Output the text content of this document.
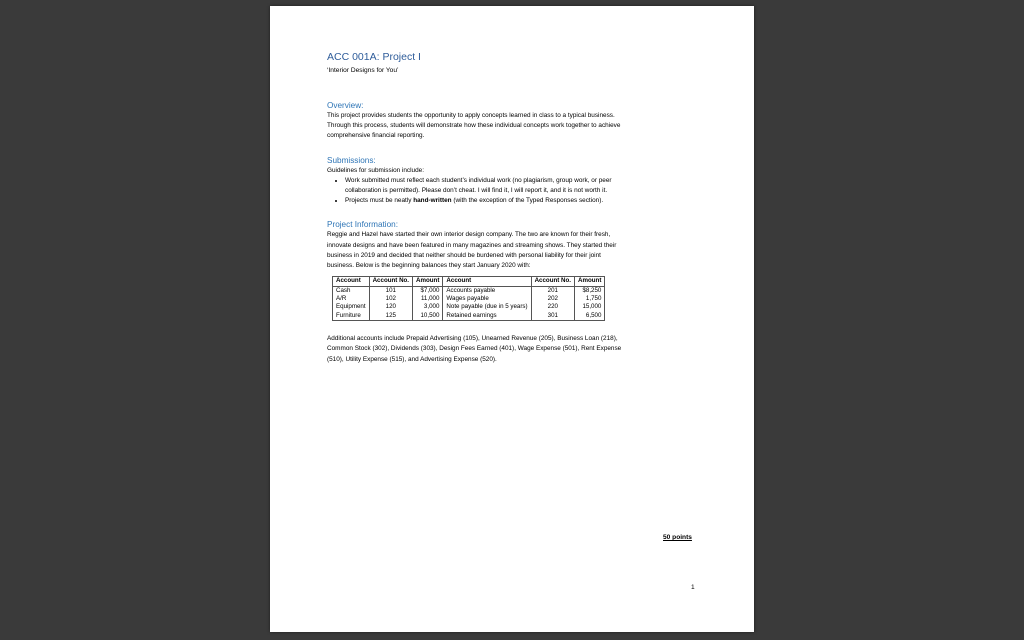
ACC 001A: Project I

‘Interior Designs for You’

Overview:

This project provides students the opportunity to apply concepts learned in class to a typical business.
Through this process, students will demonstrate how these individual concepts work together to achieve
comprehensive financial reporting.

Submissions:

Guidelines for submission include:

• Work submitted must reflect each student’s individual work (no plagiarism, group work, or peer
collaboration is permitted). Please don’t cheat. I will find it, I will report it, and it is not worth it.
• Projects must be neatly hand-written (with the exception of the Typed Responses section).

Project Information:

Reggie and Hazel have started their own interior design company. The two are known for their fresh,
innovate designs and have been featured in many magazines and streaming shows. They started their
business in 2019 and decided that neither should be burdened with personal liability for their joint
business. Below is the beginning balances they start January 2020 with:

Account	Account No.	Amount	Account	Account No.	Amount
Cash	101	$7,000	Accounts payable	201	$8,250
A/R	102	11,000	Wages payable	202	1,750
Equipment	120	3,000	Note payable (due in 5 years)	220	15,000
Furniture	125	10,500	Retained earnings	301	6,500

Additional accounts include Prepaid Advertising (105), Unearned Revenue (205), Business Loan (218),
Common Stock (302), Dividends (303), Design Fees Earned (401), Wage Expense (501), Rent Expense
(510), Utility Expense (515), and Advertising Expense (520).

50 points
1
